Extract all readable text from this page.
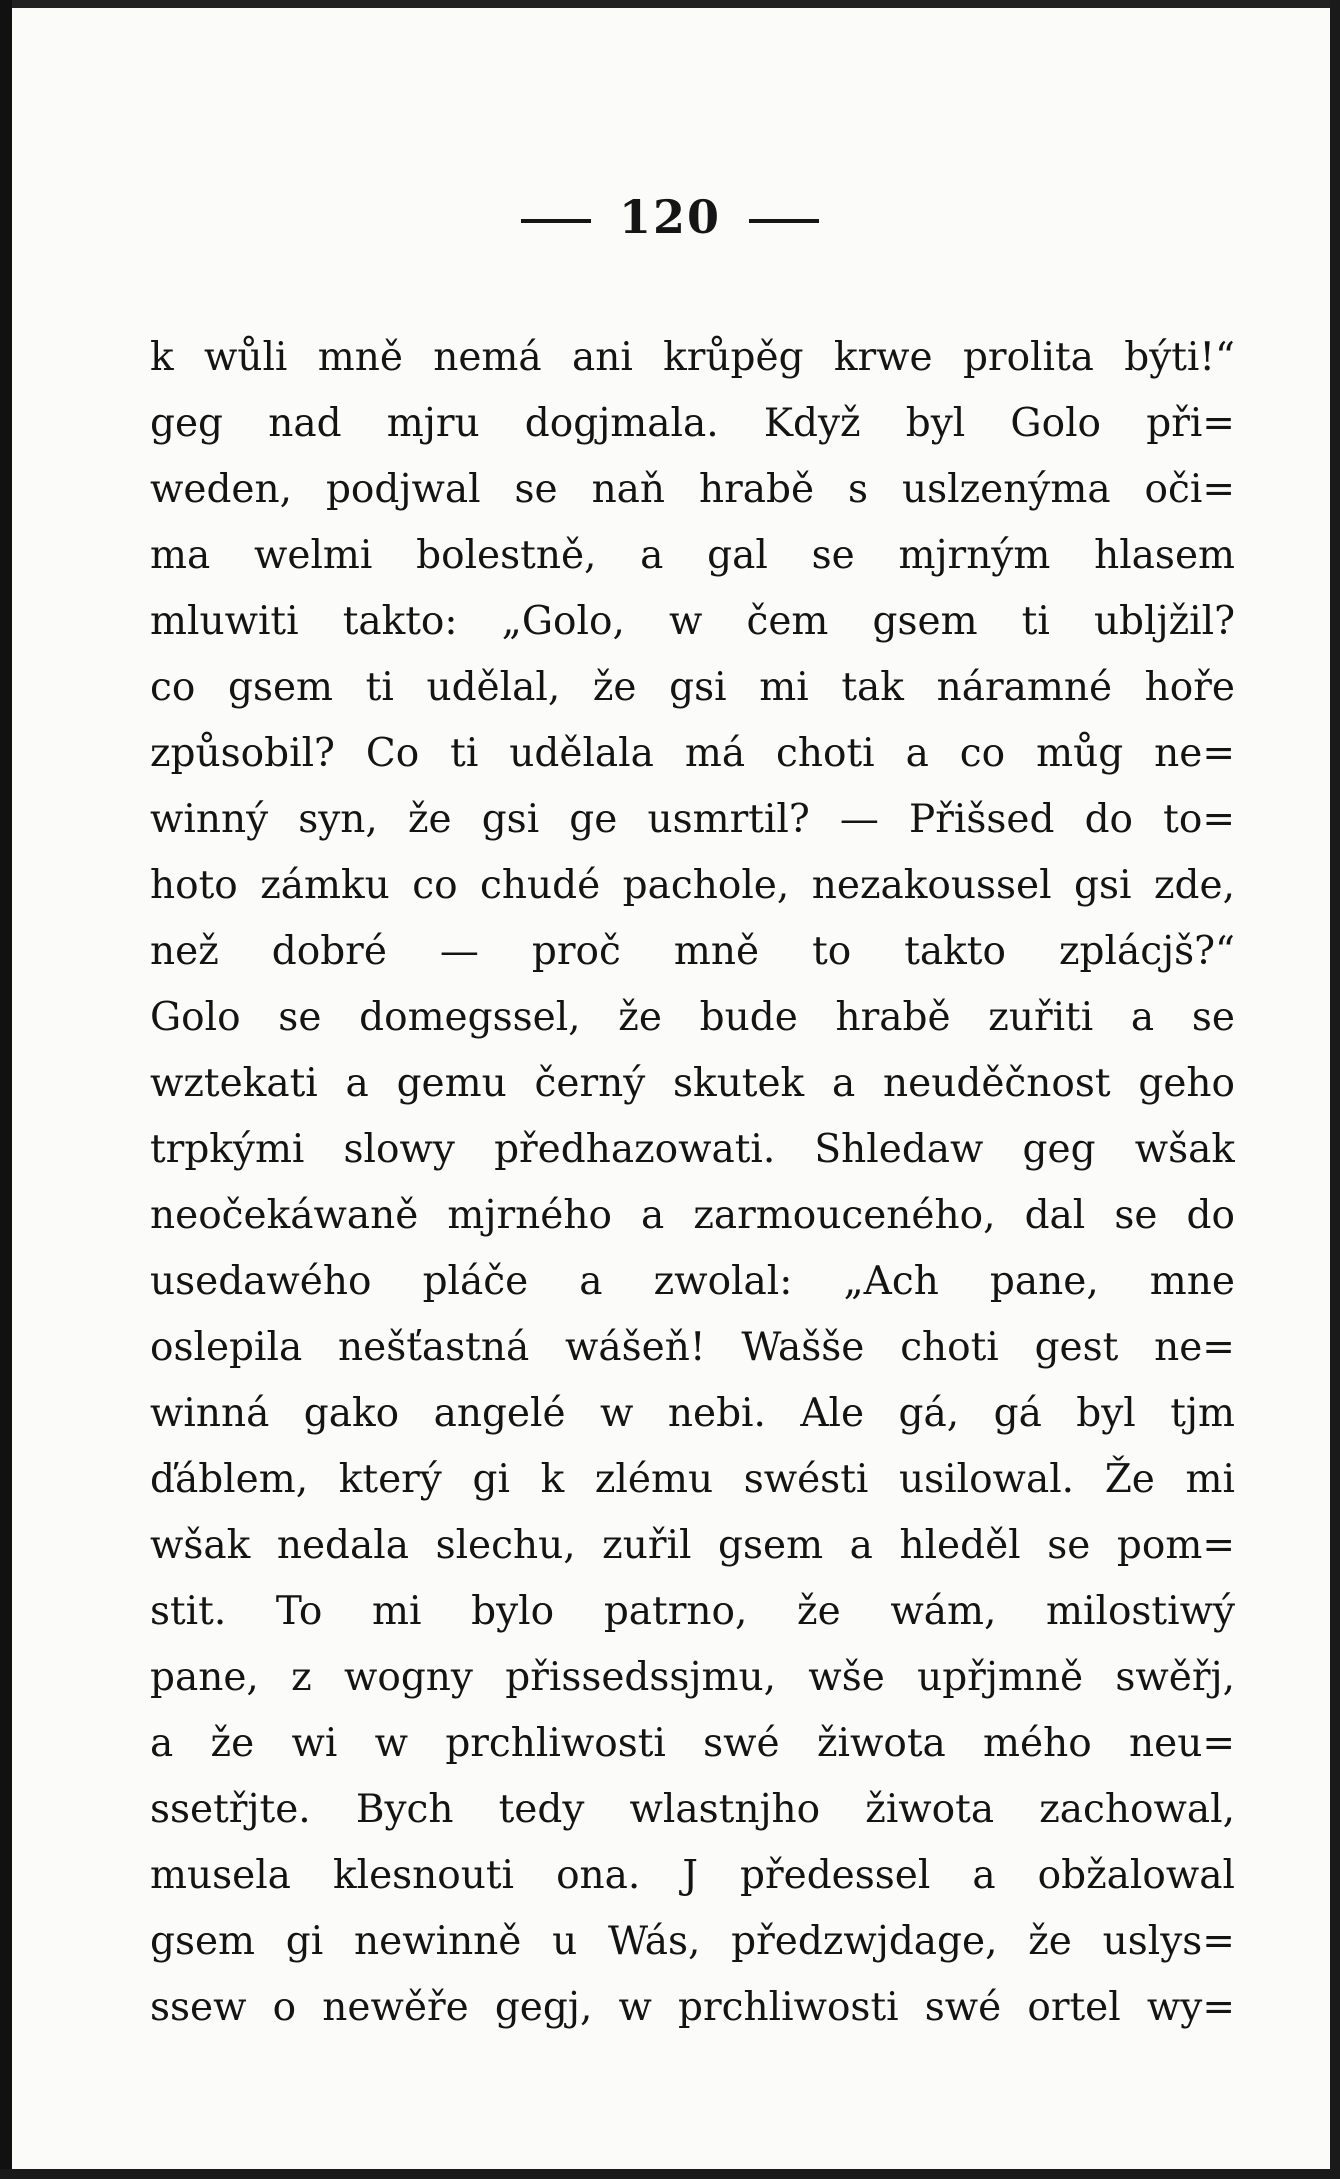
120
k wůli mně nemá ani krůpěg krwe prolita býti!“
geg nad mjru dogjmala. Když byl Golo při=
weden, podjwal se naň hrabě s uslzenýma oči=
ma welmi bolestně, a gal se mjrným hlasem
mluwiti takto: „Golo, w čem gsem ti ublјžil?
co gsem ti udělal, že gsi mi tak náramné hoře
způsobil? Co ti udělala má choti a co můg ne=
winný syn, že gsi ge usmrtil? — Přišsed do to=
hoto zámku co chudé pachole, nezakoussel gsi zde,
než dobré — proč mně to takto zplácjš?“
Golo se domegssel, že bude hrabě zuřiti a se
wztekati a gemu černý skutek a neuděčnost geho
trpkými slowy předhazowati. Shledaw geg wšak
neočekáwaně mjrného a zarmouceného, dal se do
usedawého pláče a zwolal: „Ach pane, mne
oslepila nešťastná wášeň! Wašše choti gest ne=
winná gako angelé w nebi. Ale gá, gá byl tјm
ďáblem, který gi k zlému swésti usilowal. Že mi
wšak nedala slechu, zuřil gsem a hleděl se pom=
stit. To mi bylo patrno, že wám, milostiwý
pane, z wogny přissedssјmu, wše upřјmně swěřј,
a že wi w prchliwosti swé žiwota mého neu=
ssetřјte. Bych tedy wlastnјho žiwota zachowal,
musela klesnouti ona. J předessel a obžalowal
gsem gi newinně u Wás, předzwјdage, že uslys=
ssew o newěře gegj, w prchliwosti swé ortel wy=
